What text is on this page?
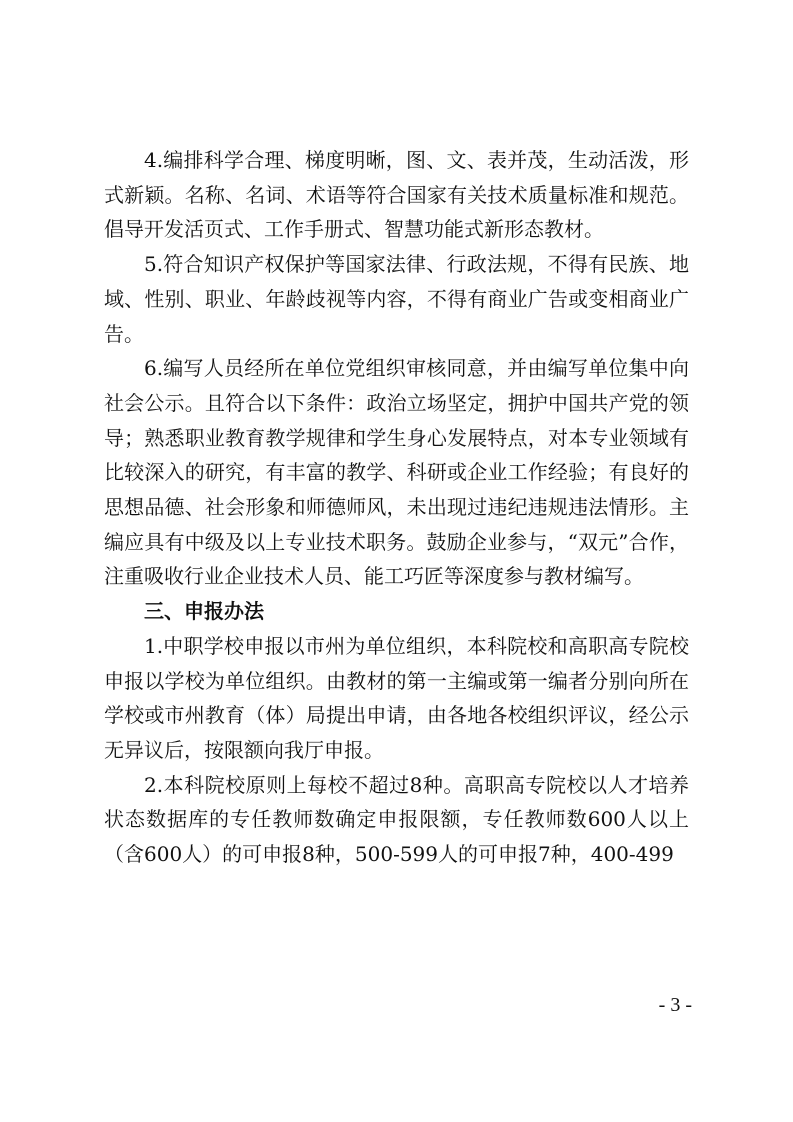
4.编排科学合理、梯度明晰，图、文、表并茂，生动活泼，形式新颖。名称、名词、术语等符合国家有关技术质量标准和规范。倡导开发活页式、工作手册式、智慧功能式新形态教材。

5.符合知识产权保护等国家法律、行政法规，不得有民族、地域、性别、职业、年龄歧视等内容，不得有商业广告或变相商业广告。

6.编写人员经所在单位党组织审核同意，并由编写单位集中向社会公示。且符合以下条件：政治立场坚定，拥护中国共产党的领导；熟悉职业教育教学规律和学生身心发展特点，对本专业领域有比较深入的研究，有丰富的教学、科研或企业工作经验；有良好的思想品德、社会形象和师德师风，未出现过违纪违规违法情形。主编应具有中级及以上专业技术职务。鼓励企业参与，“双元”合作，注重吸收行业企业技术人员、能工巧匠等深度参与教材编写。

三、申报办法

1.中职学校申报以市州为单位组织，本科院校和高职高专院校申报以学校为单位组织。由教材的第一主编或第一编者分别向所在学校或市州教育（体）局提出申请，由各地各校组织评议，经公示无异议后，按限额向我厅申报。

2.本科院校原则上每校不超过8种。高职高专院校以人才培养状态数据库的专任教师数确定申报限额，专任教师数600人以上（含600人）的可申报8种，500-599人的可申报7种，400-499

- 3 -
